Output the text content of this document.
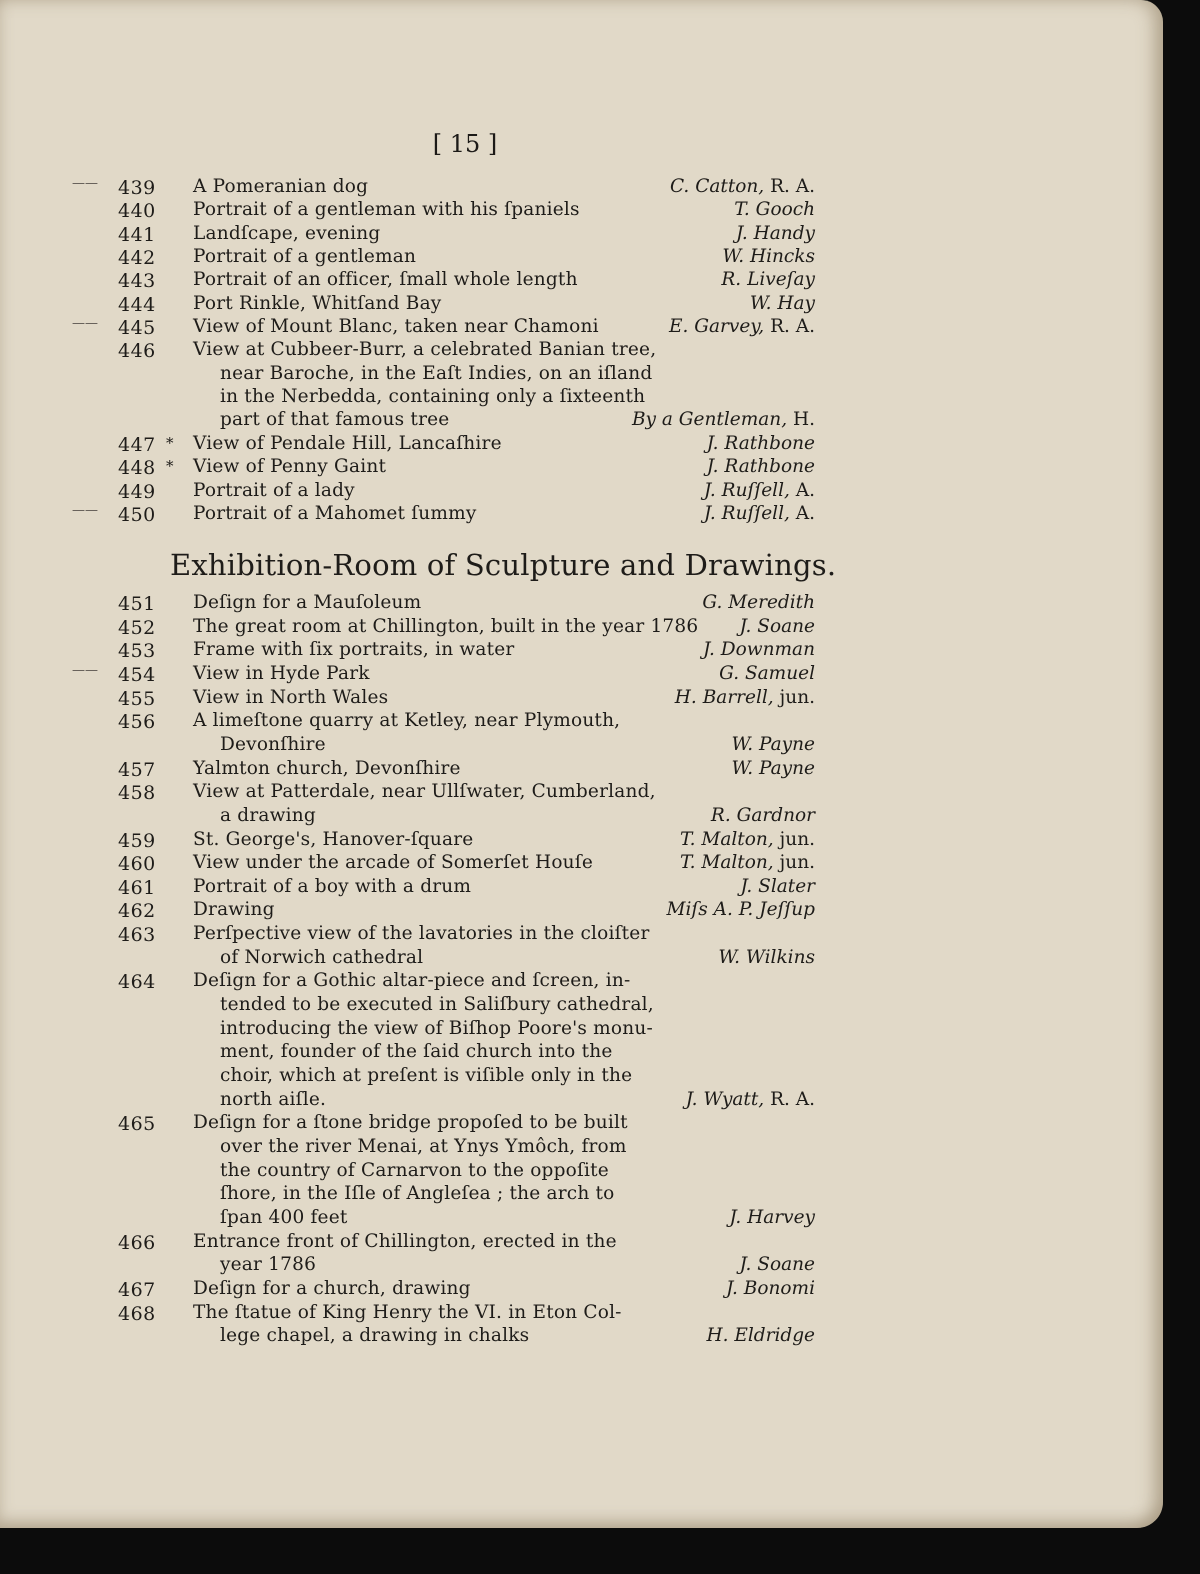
[ 15 ]
Exhibition-Room of Sculpture and Drawings.
—— 439 A Pomeranian dog	C. Catton, R. A.
440 Portrait of a gentleman with his ſpaniels	T. Gooch
441 Landſcape, evening	J. Handy
442 Portrait of a gentleman	W. Hincks
443 Portrait of an officer, ſmall whole length	R. Liveſay
444 Port Rinkle, Whitſand Bay	W. Hay
—— 445 View of Mount Blanc, taken near Chamoni	E. Garvey, R. A.
446 View at Cubbeer-Burr, a celebrated Banian tree,
near Baroche, in the Eaſt Indies, on an iſland
in the Nerbedda, containing only a ſixteenth
part of that famous tree	By a Gentleman, H.
447 * View of Pendale Hill, Lancaſhire	J. Rathbone
448 * View of Penny Gaint	J. Rathbone
449 Portrait of a lady	J. Ruſſell, A.
—— 450 Portrait of a Mahomet ſummy	J. Ruſſell, A.
451 Deſign for a Mauſoleum	G. Meredith
452 The great room at Chillington, built in the year 1786 J. Soane
453 Frame with ſix portraits, in water	J. Downman
—— 454 View in Hyde Park	G. Samuel
455 View in North Wales	H. Barrell, jun.
456 A limeſtone quarry at Ketley, near Plymouth,
Devonſhire	W. Payne
457 Yalmton church, Devonſhire	W. Payne
458 View at Patterdale, near Ullſwater, Cumberland,
a drawing	R. Gardnor
459 St. George's, Hanover-ſquare	T. Malton, jun.
460 View under the arcade of Somerſet Houſe	T. Malton, jun.
461 Portrait of a boy with a drum	J. Slater
462 Drawing	Miſs A. P. Jeſſup
463 Perſpective view of the lavatories in the cloiſter
of Norwich cathedral	W. Wilkins
464 Deſign for a Gothic altar-piece and ſcreen, in-
tended to be executed in Saliſbury cathedral,
introducing the view of Biſhop Poore's monu-
ment, founder of the ſaid church into the
choir, which at preſent is viſible only in the
north aiſle.	J. Wyatt, R. A.
465 Deſign for a ſtone bridge propoſed to be built
over the river Menai, at Ynys Ymôch, from
the country of Carnarvon to the oppoſite
ſhore, in the Iſle of Angleſea ; the arch to
ſpan 400 feet	J. Harvey
466 Entrance front of Chillington, erected in the
year 1786	J. Soane
467 Deſign for a church, drawing	J. Bonomi
468 The ſtatue of King Henry the VI. in Eton Col-
lege chapel, a drawing in chalks	H. Eldridge
